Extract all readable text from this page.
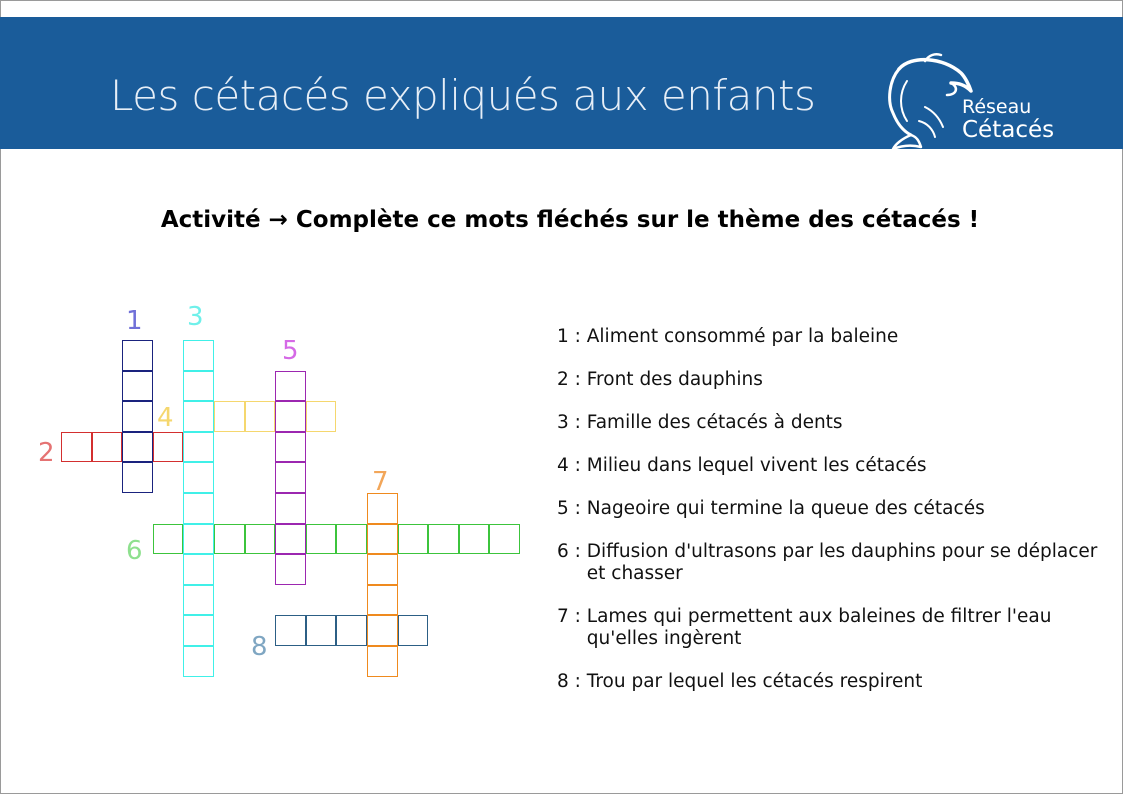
Les cétacés expliqués aux enfants	Réseau
Cétacés
Activité → Complète ce mots fléchés sur le thème des cétacés !
1
2
3
4
5
6
7
8
1 : Aliment consommé par la baleine
2 : Front des dauphins
3 : Famille des cétacés à dents
4 : Milieu dans lequel vivent les cétacés
5 : Nageoire qui termine la queue des cétacés
6 : Diffusion d'ultrasons par les dauphins pour se déplacer et chasser
7 : Lames qui permettent aux baleines de filtrer l'eau qu'elles ingèrent
8 : Trou par lequel les cétacés respirent
